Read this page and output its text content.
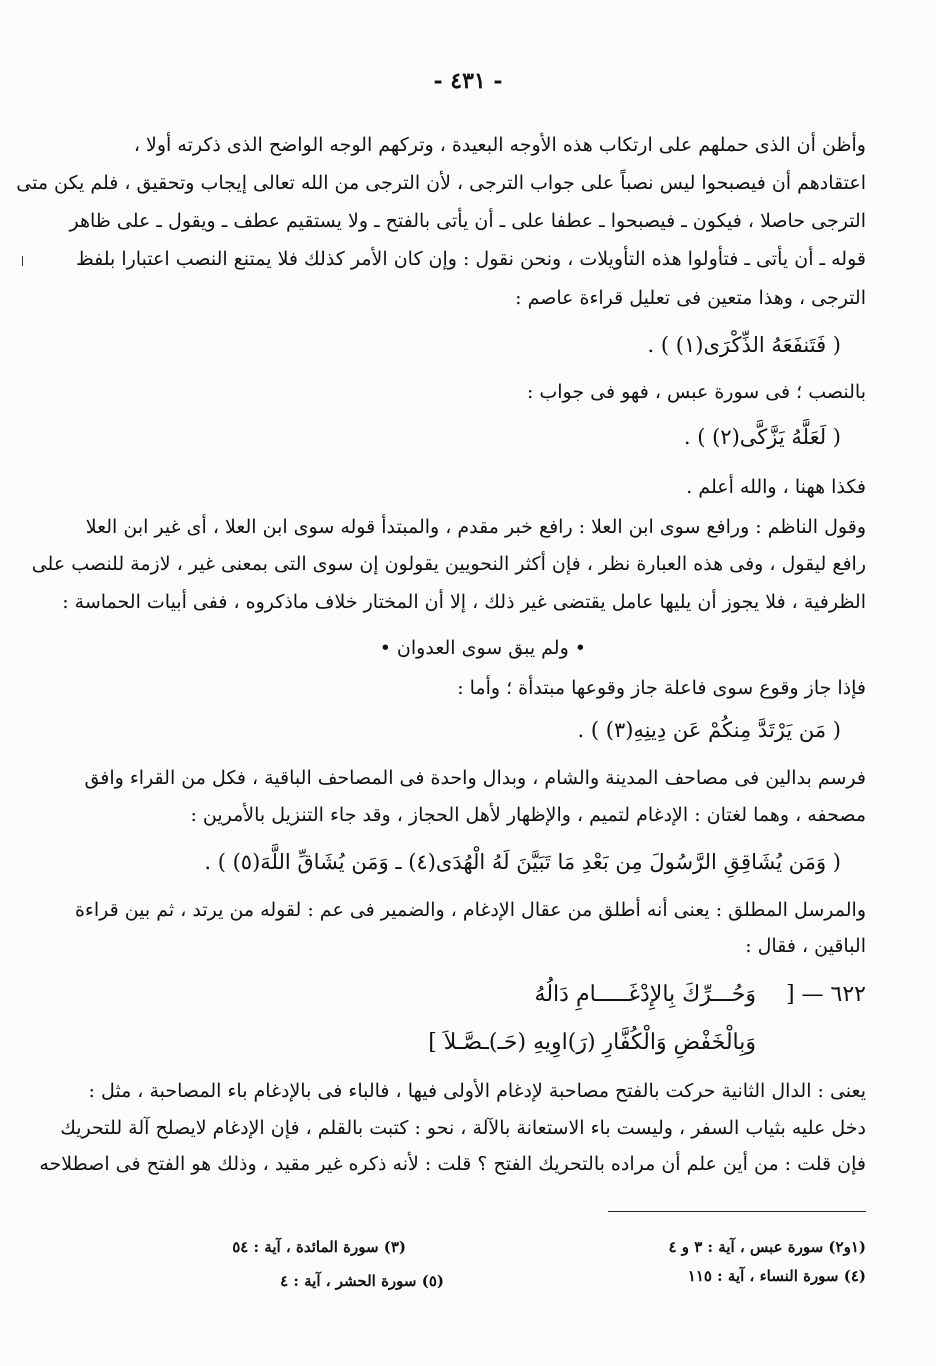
- ٤٣١ -
وأظن أن الذى حملهم على ارتكاب هذه الأوجه البعيدة ، وتركهم الوجه الواضح الذى ذكرته أولا ،
اعتقادهم أن فيصبحوا ليس نصباً على جواب الترجى ، لأن الترجى من الله تعالى إيجاب وتحقيق ، فلم يكن متى
الترجى حاصلا ، فيكون ـ فيصبحوا ـ عطفا على ـ أن يأتى بالفتح ـ ولا يستقيم عطف ـ ويقول ـ على ظاهر
قوله ـ أن يأتى ـ فتأولوا هذه التأويلات ، ونحن نقول : وإن كان الأمر كذلك فلا يمتنع النصب اعتبارا بلفظ
الترجى ، وهذا متعين فى تعليل قراءة عاصم :
( فَتَنفَعَهُ الذِّكْرَى(١) ) .
بالنصب ؛ فى سورة عبس ، فهو فى جواب :
( لَعَلَّهُ يَزَّكَّى(٢) ) .
فكذا ههنا ، والله أعلم .
وقول الناظم : ورافع سوى ابن العلا : رافع خبر مقدم ، والمبتدأ قوله سوى ابن العلا ، أى غير ابن العلا
رافع ليقول ، وفى هذه العبارة نظر ، فإن أكثر النحويين يقولون إن سوى التى بمعنى غير ، لازمة للنصب على
الظرفية ، فلا يجوز أن يليها عامل يقتضى غير ذلك ، إلا أن المختار خلاف ماذكروه ، ففى أبيات الحماسة :
• ولم يبق سوى العدوان •
فإذا جاز وقوع سوى فاعلة جاز وقوعها مبتدأة ؛ وأما :
( مَن يَرْتَدَّ مِنكُمْ عَن دِينِهِ(٣) ) .
فرسم بدالين فى مصاحف المدينة والشام ، وبدال واحدة فى المصاحف الباقية ، فكل من القراء وافق
مصحفه ، وهما لغتان : الإدغام لتميم ، والإظهار لأهل الحجاز ، وقد جاء التنزيل بالأمرين :
( وَمَن يُشَاقِقِ الرَّسُولَ مِن بَعْدِ مَا تَبَيَّنَ لَهُ الْهُدَى(٤) ـ وَمَن يُشَاقِّ اللَّهَ(٥) ) .
والمرسل المطلق : يعنى أنه أطلق من عقال الإدغام ، والضمير فى عم : لقوله من يرتد ، ثم بين قراءة
الباقين ، فقال :
٦٢٢ — [
وَحُـــرِّكَ بِالإِدْغَـــــامِ دَالُهُ
وَبِالْخَفْضِ وَالْكُفَّارِ (رَ)اوِيهِ (حَـ)ـصَّـلاَ ]
يعنى : الدال الثانية حركت بالفتح مصاحبة لإدغام الأولى فيها ، فالباء فى بالإدغام باء المصاحبة ، مثل :
دخل عليه بثياب السفر ، وليست باء الاستعانة بالآلة ، نحو : كتبت بالقلم ، فإن الإدغام لايصلح آلة للتحريك
فإن قلت : من أين علم أن مراده بالتحريك الفتح ؟ قلت : لأنه ذكره غير مقيد ، وذلك هو الفتح فى اصطلاحه
(١و٢) سورة عبس ، آية : ٣ و ٤
(٣) سورة المائدة ، آية : ٥٤
(٤) سورة النساء ، آية : ١١٥
(٥) سورة الحشر ، آية : ٤
